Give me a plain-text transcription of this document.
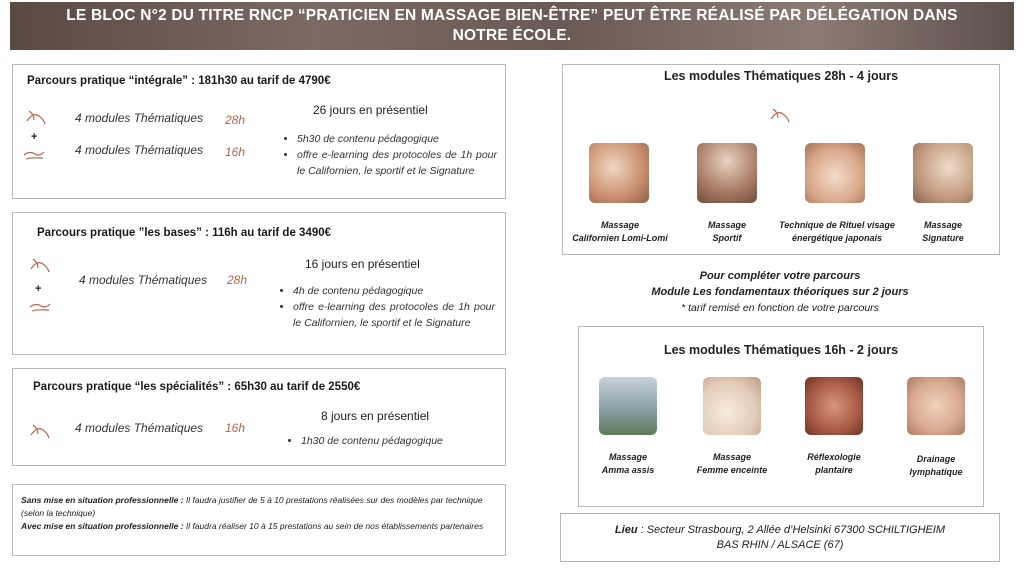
LE BLOC N°2 DU TITRE RNCP “PRATICIEN EN MASSAGE BIEN-ÊTRE” PEUT ÊTRE RÉALISÉ PAR DÉLÉGATION DANS
NOTRE ÉCOLE.
Parcours pratique “intégrale” : 181h30 au tarif de 4790€
4 modules Thématiques 28h
+
4 modules Thématiques 16h
26 jours en présentiel
• 5h30 de contenu pédagogique
• offre e-learning des protocoles de 1h pour le Californien, le sportif et le Signature
Parcours pratique ”les bases” : 116h au tarif de 3490€
4 modules Thématiques 28h
+
16 jours en présentiel
• 4h de contenu pédagogique
• offre e-learning des protocoles de 1h pour le Californien, le sportif et le Signature
Parcours pratique “les spécialités” : 65h30 au tarif de 2550€
4 modules Thématiques 16h
8 jours en présentiel
• 1h30 de contenu pédagogique

Sans mise en situation professionnelle : Il faudra justifier de 5 à 10 prestations réalisées sur des modèles par technique (selon la technique)

Avec mise en situation professionnelle : Il faudra réaliser 10 à 15 prestations au sein de nos établissements partenaires

Les modules Thématiques 28h - 4 jours
Massage
Californien Lomi-Lomi
Massage
Sportif
Technique de Rituel visage
énergétique japonais
Massage
Signature
Pour compléter votre parcours
Module Les fondamentaux théoriques sur 2 jours
* tarif remisé en fonction de votre parcours
Les modules Thématiques 16h - 2 jours
Massage
Amma assis
Massage
Femme enceinte
Réflexologie
plantaire
Drainage
lymphatique
Lieu : Secteur Strasbourg, 2 Allée d’Helsinki 67300 SCHILTIGHEIM
BAS RHIN / ALSACE (67)
